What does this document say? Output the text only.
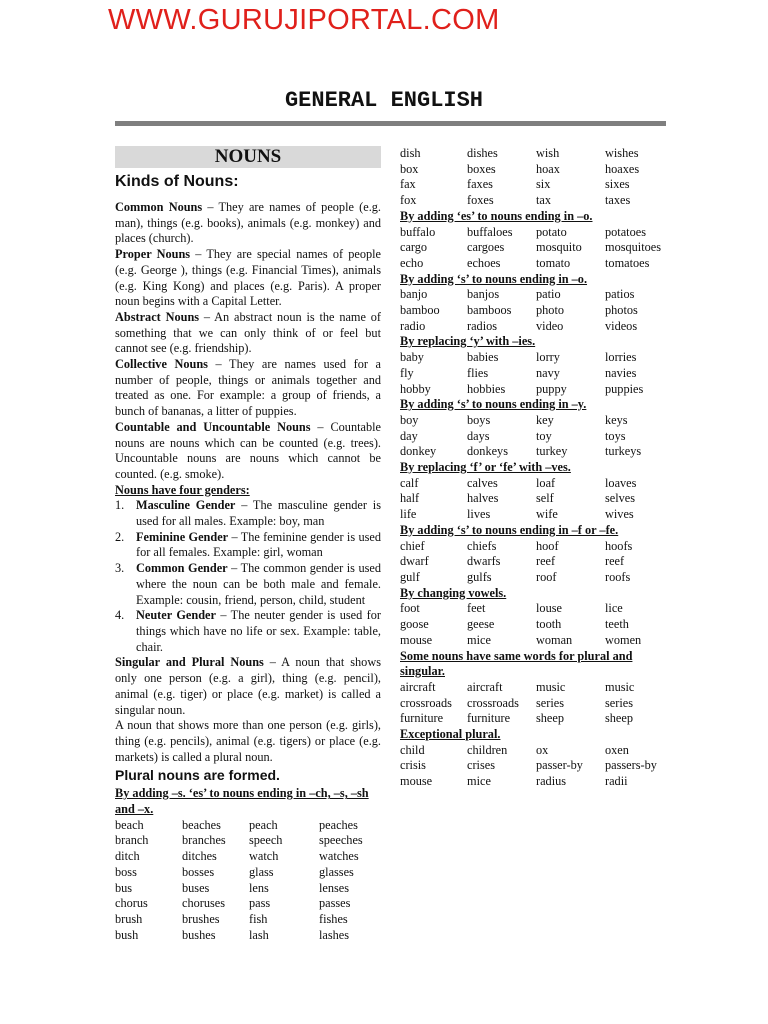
WWW.GURUJIPORTAL.COM
GENERAL ENGLISH
NOUNS
Kinds of Nouns:

Common Nouns – They are names of people (e.g. man), things (e.g. books), animals (e.g. monkey) and places (church).

Proper Nouns – They are special names of people (e.g. George ), things (e.g. Financial Times), animals (e.g. King Kong) and places (e.g. Paris). A proper noun begins with a Capital Letter.

Abstract Nouns – An abstract noun is the name of something that we can only think of or feel but cannot see (e.g. friendship).

Collective Nouns – They are names used for a number of people, things or animals together and treated as one. For example: a group of friends, a bunch of bananas, a litter of puppies.

Countable and Uncountable Nouns – Countable nouns are nouns which can be counted (e.g. trees). Uncountable nouns are nouns which cannot be counted. (e.g. smoke).

Nouns have four genders:

1. Masculine Gender – The masculine gender is used for all males. Example: boy, man
2. Feminine Gender – The feminine gender is used for all females. Example: girl, woman
3. Common Gender – The common gender is used where the noun can be both male and female. Example: cousin, friend, person, child, student
4. Neuter Gender – The neuter gender is used for things which have no life or sex. Example: table, chair.

Singular and Plural Nouns – A noun that shows only one person (e.g. a girl), thing (e.g. pencil), animal (e.g. tiger) or place (e.g. market) is called a singular noun.

A noun that shows more than one person (e.g. girls), thing (e.g. pencils), animal (e.g. tigers) or place (e.g. markets) is called a plural noun.

Plural nouns are formed.

By adding –s. ‘es’ to nouns ending in –ch, –s, –sh and –x.

beach	beaches	peach	peaches
branch	branches	speech	speeches
ditch	ditches	watch	watches
boss	bosses	glass	glasses
bus	buses	lens	lenses
chorus	choruses	pass	passes
brush	brushes	fish	fishes
bush	bushes	lash	lashes
dish	dishes	wish	wishes
box	boxes	hoax	hoaxes
fax	faxes	six	sixes
fox	foxes	tax	taxes
By adding ‘es’ to nouns ending in –o.
buffalo	buffaloes	potato	potatoes
cargo	cargoes	mosquito	mosquitoes
echo	echoes	tomato	tomatoes
By adding ‘s’ to nouns ending in –o.
banjo	banjos	patio	patios
bamboo	bamboos	photo	photos
radio	radios	video	videos
By replacing ‘y’ with –ies.
baby	babies	lorry	lorries
fly	flies	navy	navies
hobby	hobbies	puppy	puppies
By adding ‘s’ to nouns ending in –y.
boy	boys	key	keys
day	days	toy	toys
donkey	donkeys	turkey	turkeys
By replacing ‘f’ or ‘fe’ with –ves.
calf	calves	loaf	loaves
half	halves	self	selves
life	lives	wife	wives
By adding ‘s’ to nouns ending in –f or –fe.
chief	chiefs	hoof	hoofs
dwarf	dwarfs	reef	reef
gulf	gulfs	roof	roofs
By changing vowels.
foot	feet	louse	lice
goose	geese	tooth	teeth
mouse	mice	woman	women
Some nouns have same words for plural and singular.
aircraft	aircraft	music	music
crossroads	crossroads	series	series
furniture	furniture	sheep	sheep
Exceptional plural.
child	children	ox	oxen
crisis	crises	passer-by	passers-by
mouse	mice	radius	radii
